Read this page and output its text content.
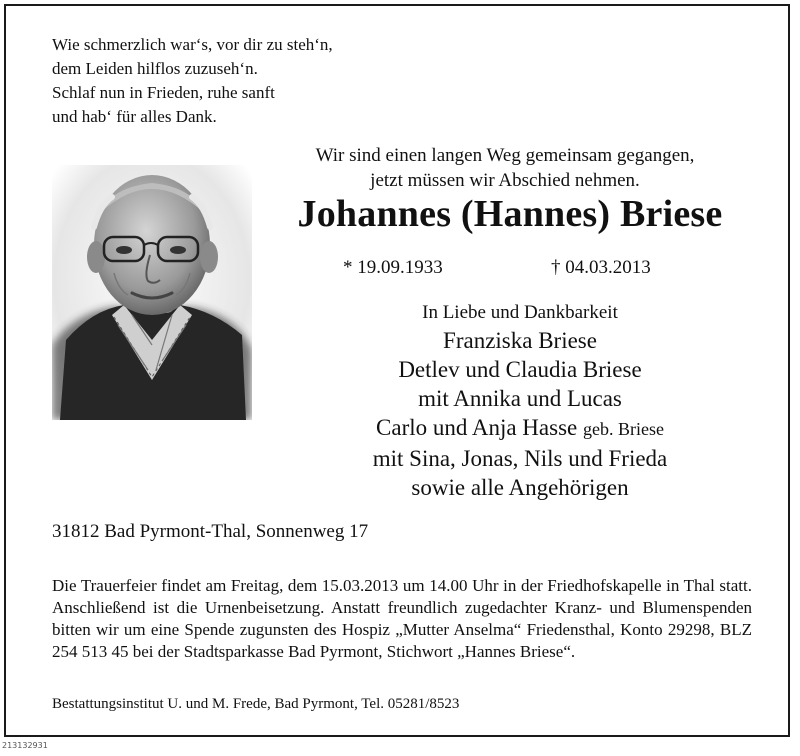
Wie schmerzlich war‘s, vor dir zu steh‘n,
dem Leiden hilflos zuzuseh‘n.
Schlaf nun in Frieden, ruhe sanft
und hab‘ für alles Dank.
Wir sind einen langen Weg gemeinsam gegangen,
jetzt müssen wir Abschied nehmen.
Johannes (Hannes) Briese
* 19.09.1933	† 04.03.2013
In Liebe und Dankbarkeit
Franziska Briese
Detlev und Claudia Briese
mit Annika und Lucas
Carlo und Anja Hasse geb. Briese
mit Sina, Jonas, Nils und Frieda
sowie alle Angehörigen
31812 Bad Pyrmont-Thal, Sonnenweg 17
Die Trauerfeier findet am Freitag, dem 15.03.2013 um 14.00 Uhr in der Friedhofskapelle in Thal statt. Anschließend ist die Urnenbeisetzung. Anstatt freundlich zugedachter Kranz- und Blumenspenden bitten wir um eine Spende zugunsten des Hospiz „Mutter Anselma“ Friedensthal, Konto 29298, BLZ 254 513 45 bei der Stadtsparkasse Bad Pyrmont, Stichwort „Hannes Briese“.
Bestattungsinstitut U. und M. Frede, Bad Pyrmont, Tel. 05281/8523
213132931
